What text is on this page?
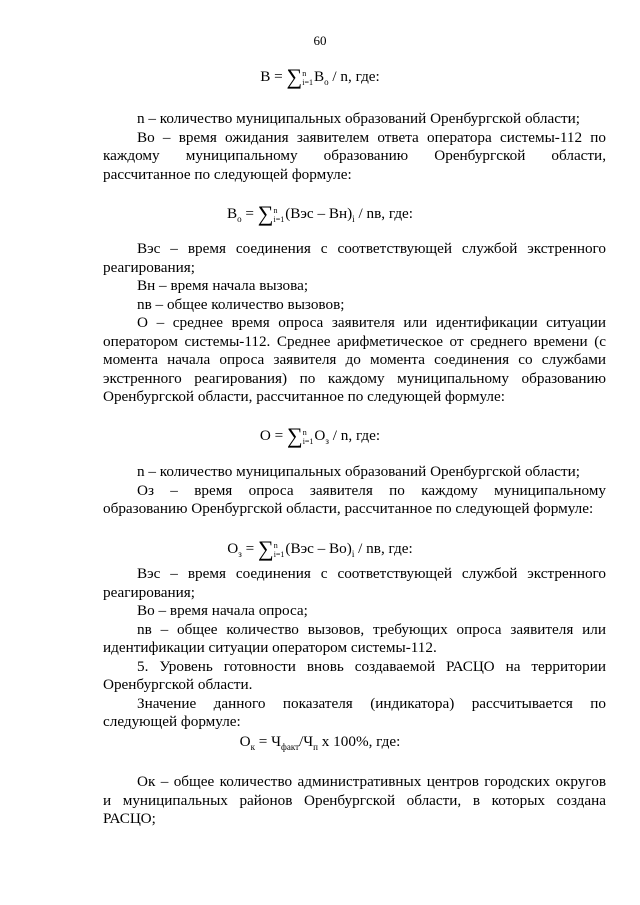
60
B = ∑ n
i=1 $B_о$ / n, где:

n – количество муниципальных образований Оренбургской области;

Bо – время ожидания заявителем ответа оператора системы-112 по каждому муниципальному образованию Оренбургской области, рассчитанное по следующей формуле:

$B_о$ = ∑ n
i=1 $(Bэс - Bн)_i$ / nв, где:

Bэс – время соединения с соответствующей службой экстренного реагирования;

Bн – время начала вызова;

nв – общее количество вызовов;

О – среднее время опроса заявителя или идентификации ситуации оператором системы-112. Среднее арифметическое от среднего времени (с момента начала опроса заявителя до момента соединения со службами экстренного реагирования) по каждому муниципальному образованию Оренбургской области, рассчитанное по следующей формуле:

O = ∑ n
i=1 $O_з$ / n, где:

n – количество муниципальных образований Оренбургской области;

Oз – время опроса заявителя по каждому муниципальному образованию Оренбургской области, рассчитанное по следующей формуле:

$O_з$ = ∑ n
i=1 $(Bэс - Bо)_i$ / nв, где:

Bэс – время соединения с соответствующей службой экстренного реагирования;

Bо – время начала опроса;

nв – общее количество вызовов, требующих опроса заявителя или идентификации ситуации оператором системы-112.

5. Уровень готовности вновь создаваемой РАСЦО на территории Оренбургской области.

Значение данного показателя (индикатора) рассчитывается по следующей формуле:

$O_к = Ч_{факт}/Ч_п$ x 100%, где:

Oк – общее количество административных центров городских округов и муниципальных районов Оренбургской области, в которых создана РАСЦО;
